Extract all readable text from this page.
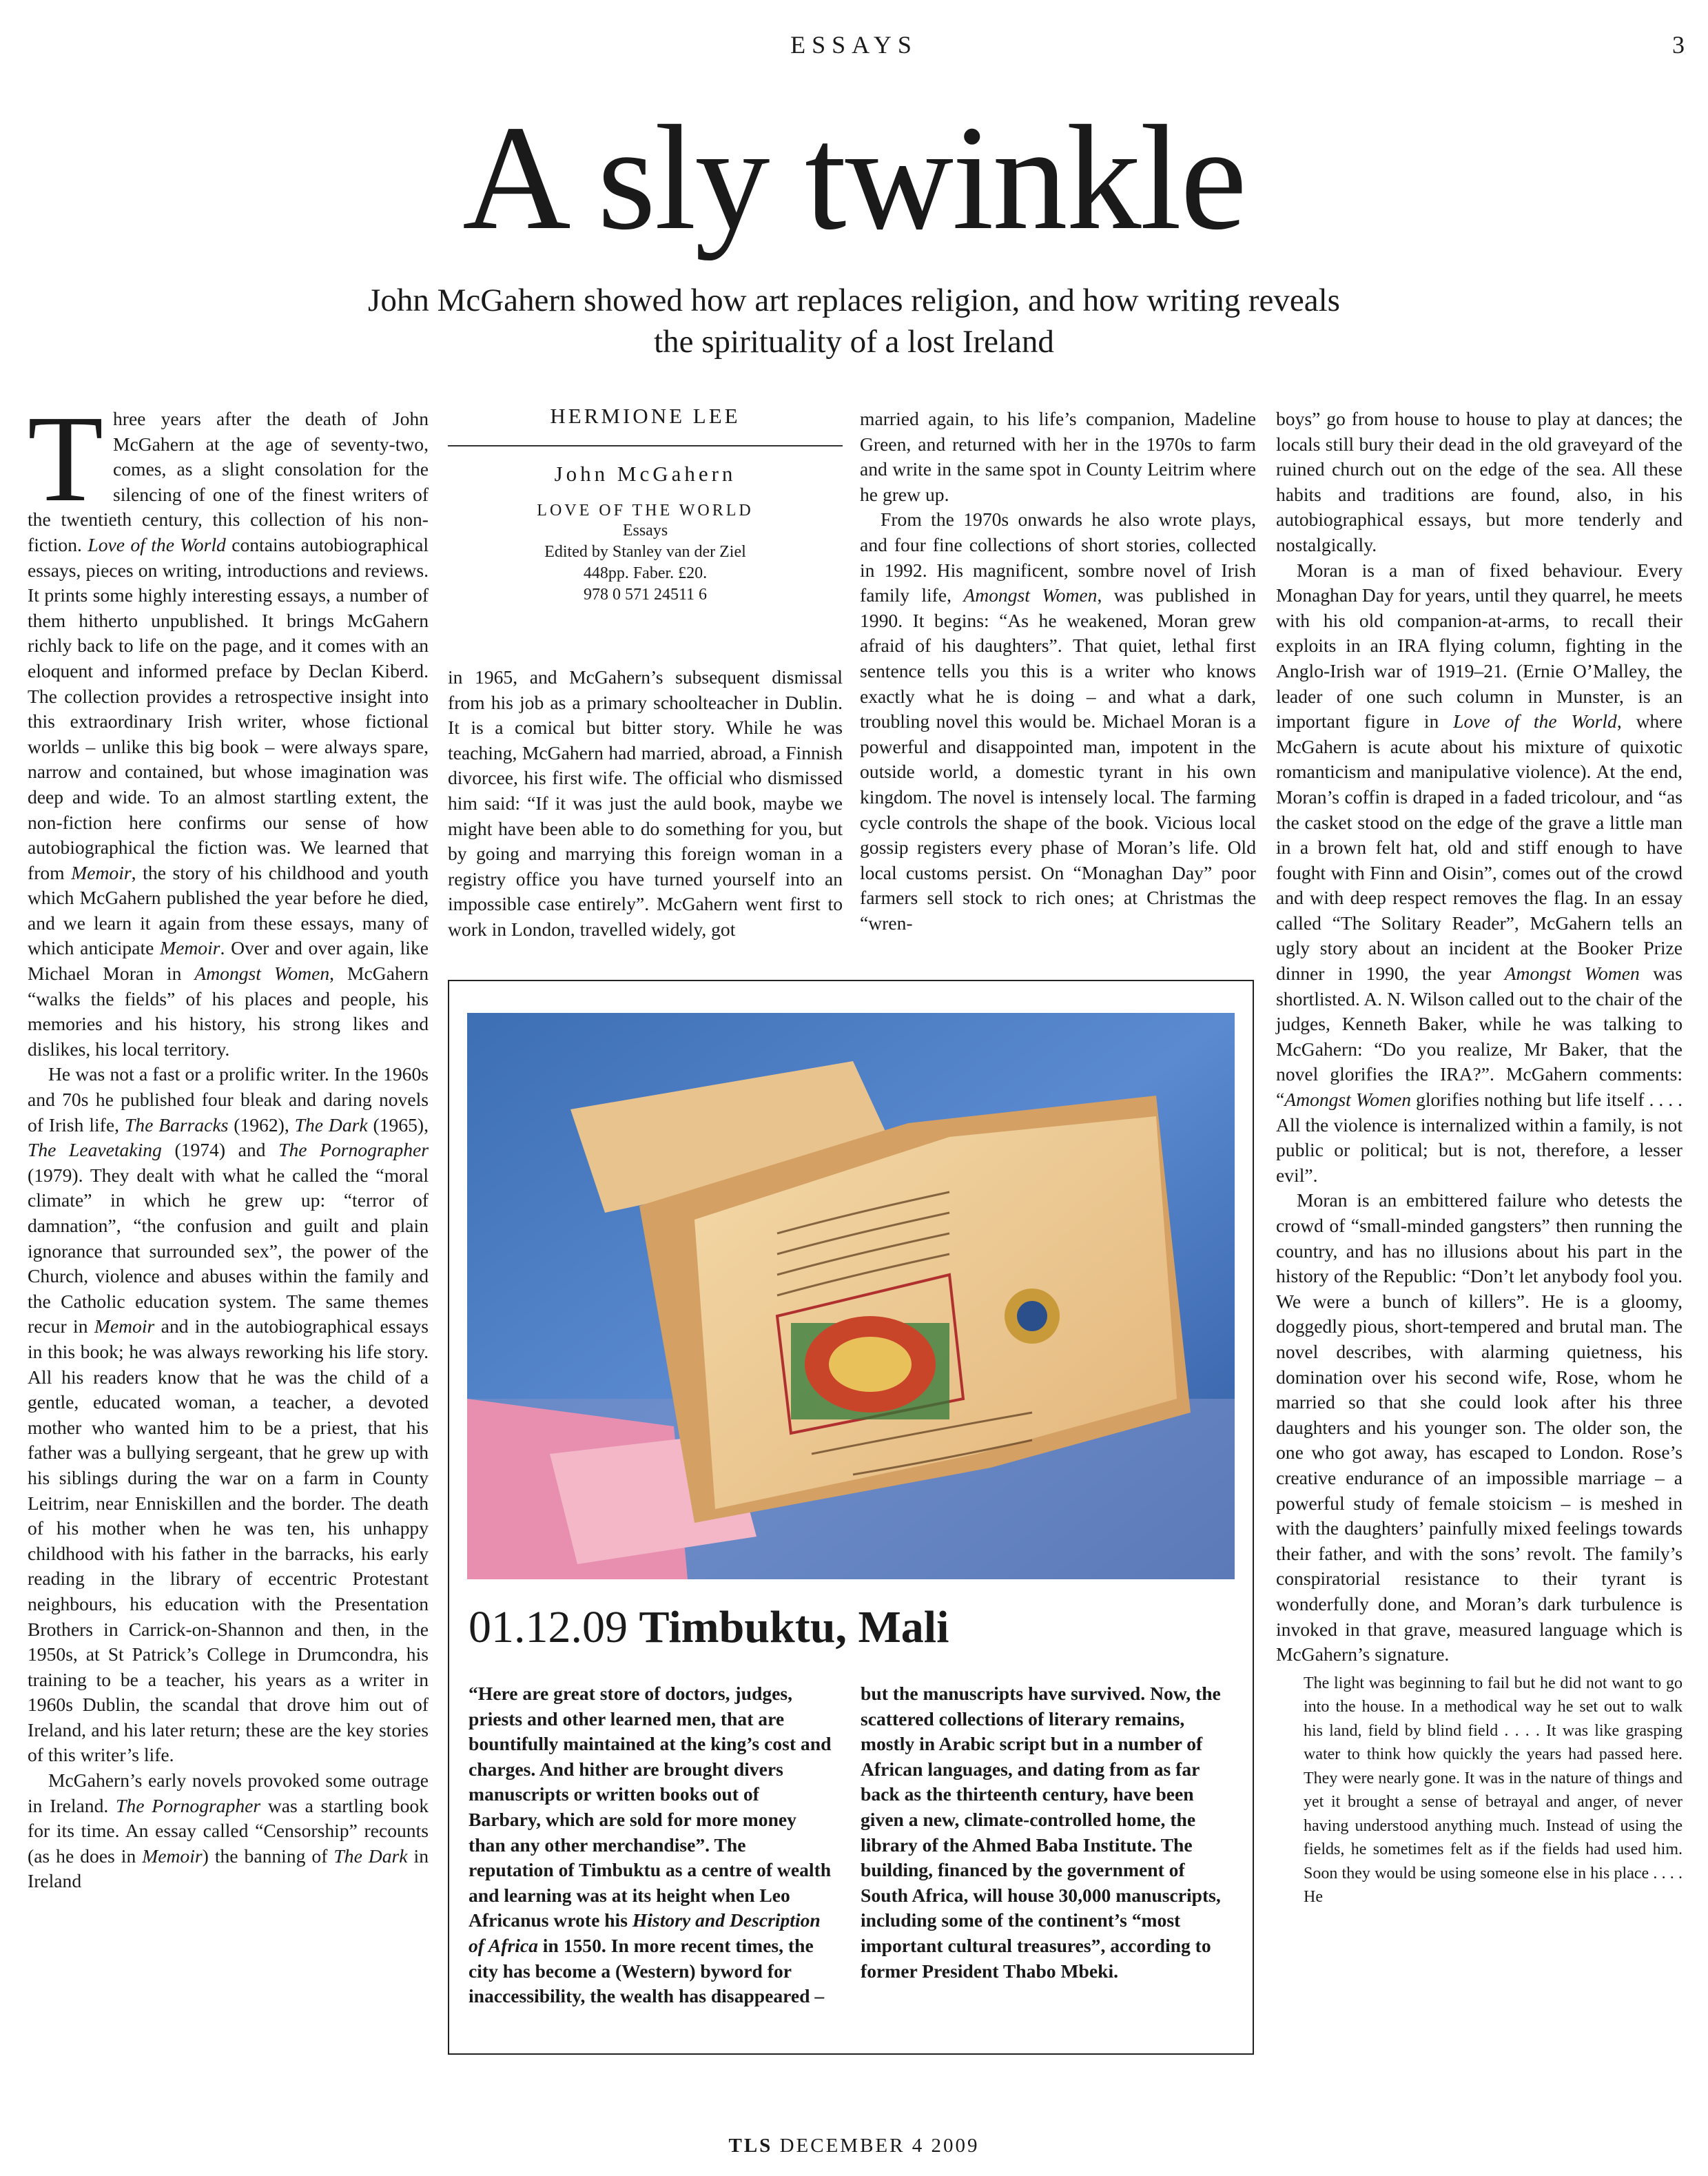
ESSAYS	3
A sly twinkle
John McGahern showed how art replaces religion, and how writing reveals
the spirituality of a lost Ireland

Three years after the death of John McGahern at the age of seventy-two, comes, as a slight consolation for the silencing of one of the finest writers of the twentieth century, this collection of his non-fiction. Love of the World contains autobiographical essays, pieces on writing, introductions and reviews. It prints some highly interesting essays, a number of them hitherto unpublished. It brings McGahern richly back to life on the page, and it comes with an eloquent and informed preface by Declan Kiberd. The collection provides a retrospective insight into this extraordinary Irish writer, whose fictional worlds – unlike this big book – were always spare, narrow and contained, but whose imagination was deep and wide. To an almost startling extent, the non-fiction here confirms our sense of how autobiographical the fiction was. We learned that from Memoir, the story of his childhood and youth which McGahern published the year before he died, and we learn it again from these essays, many of which anticipate Memoir. Over and over again, like Michael Moran in Amongst Women, McGahern “walks the fields” of his places and people, his memories and his history, his strong likes and dislikes, his local territory.

He was not a fast or a prolific writer. In the 1960s and 70s he published four bleak and daring novels of Irish life, The Barracks (1962), The Dark (1965), The Leavetaking (1974) and The Pornographer (1979). They dealt with what he called the “moral climate” in which he grew up: “terror of damnation”, “the confusion and guilt and plain ignorance that surrounded sex”, the power of the Church, violence and abuses within the family and the Catholic education system. The same themes recur in Memoir and in the autobiographical essays in this book; he was always reworking his life story. All his readers know that he was the child of a gentle, educated woman, a teacher, a devoted mother who wanted him to be a priest, that his father was a bullying sergeant, that he grew up with his siblings during the war on a farm in County Leitrim, near Enniskillen and the border. The death of his mother when he was ten, his unhappy childhood with his father in the barracks, his early reading in the library of eccentric Protestant neighbours, his education with the Presentation Brothers in Carrick-on-Shannon and then, in the 1950s, at St Patrick’s College in Drumcondra, his training to be a teacher, his years as a writer in 1960s Dublin, the scandal that drove him out of Ireland, and his later return; these are the key stories of this writer’s life.

McGahern’s early novels provoked some outrage in Ireland. The Pornographer was a startling book for its time. An essay called “Censorship” recounts (as he does in Memoir) the banning of The Dark in Ireland

HERMIONE LEE
John McGahern
LOVE OF THE WORLD
Essays
Edited by Stanley van der Ziel
448pp. Faber. £20.
978 0 571 24511 6

in 1965, and McGahern’s subsequent dismissal from his job as a primary schoolteacher in Dublin. It is a comical but bitter story. While he was teaching, McGahern had married, abroad, a Finnish divorcee, his first wife. The official who dismissed him said: “If it was just the auld book, maybe we might have been able to do something for you, but by going and marrying this foreign woman in a registry office you have turned yourself into an impossible case entirely”. McGahern went first to work in London, travelled widely, got

married again, to his life’s companion, Madeline Green, and returned with her in the 1970s to farm and write in the same spot in County Leitrim where he grew up.

From the 1970s onwards he also wrote plays, and four fine collections of short stories, collected in 1992. His magnificent, sombre novel of Irish family life, Amongst Women, was published in 1990. It begins: “As he weakened, Moran grew afraid of his daughters”. That quiet, lethal first sentence tells you this is a writer who knows exactly what he is doing – and what a dark, troubling novel this would be. Michael Moran is a powerful and disappointed man, impotent in the outside world, a domestic tyrant in his own kingdom. The novel is intensely local. The farming cycle controls the shape of the book. Vicious local gossip registers every phase of Moran’s life. Old local customs persist. On “Monaghan Day” poor farmers sell stock to rich ones; at Christmas the “wren-

boys” go from house to house to play at dances; the locals still bury their dead in the old graveyard of the ruined church out on the edge of the sea. All these habits and traditions are found, also, in his autobiographical essays, but more tenderly and nostalgically.

Moran is a man of fixed behaviour. Every Monaghan Day for years, until they quarrel, he meets with his old companion-at-arms, to recall their exploits in an IRA flying column, fighting in the Anglo-Irish war of 1919–21. (Ernie O’Malley, the leader of one such column in Munster, is an important figure in Love of the World, where McGahern is acute about his mixture of quixotic romanticism and manipulative violence). At the end, Moran’s coffin is draped in a faded tricolour, and “as the casket stood on the edge of the grave a little man in a brown felt hat, old and stiff enough to have fought with Finn and Oisin”, comes out of the crowd and with deep respect removes the flag. In an essay called “The Solitary Reader”, McGahern tells an ugly story about an incident at the Booker Prize dinner in 1990, the year Amongst Women was shortlisted. A. N. Wilson called out to the chair of the judges, Kenneth Baker, while he was talking to McGahern: “Do you realize, Mr Baker, that the novel glorifies the IRA?”. McGahern comments: “Amongst Women glorifies nothing but life itself . . . . All the violence is internalized within a family, is not public or political; but is not, therefore, a lesser evil”.

Moran is an embittered failure who detests the crowd of “small-minded gangsters” then running the country, and has no illusions about his part in the history of the Republic: “Don’t let anybody fool you. We were a bunch of killers”. He is a gloomy, doggedly pious, short-tempered and brutal man. The novel describes, with alarming quietness, his domination over his second wife, Rose, whom he married so that she could look after his three daughters and his younger son. The older son, the one who got away, has escaped to London. Rose’s creative endurance of an impossible marriage – a powerful study of female stoicism – is meshed in with the daughters’ painfully mixed feelings towards their father, and with the sons’ revolt. The family’s conspiratorial resistance to their tyrant is wonderfully done, and Moran’s dark turbulence is invoked in that grave, measured language which is McGahern’s signature.

The light was beginning to fail but he did not want to go into the house. In a methodical way he set out to walk his land, field by blind field . . . . It was like grasping water to think how quickly the years had passed here. They were nearly gone. It was in the nature of things and yet it brought a sense of betrayal and anger, of never having understood anything much. Instead of using the fields, he sometimes felt as if the fields had used him. Soon they would be using someone else in his place . . . . He
01.12.09 Timbuktu, Mali
“Here are great store of doctors, judges, priests and other learned men, that are bountifully maintained at the king’s cost and charges. And hither are brought divers manuscripts or written books out of Barbary, which are sold for more money than any other merchandise”. The reputation of Timbuktu as a centre of wealth and learning was at its height when Leo Africanus wrote his History and Description of Africa in 1550. In more recent times, the city has become a (Western) byword for inaccessibility, the wealth has disappeared –
but the manuscripts have survived. Now, the scattered collections of literary remains, mostly in Arabic script but in a number of African languages, and dating from as far back as the thirteenth century, have been given a new, climate-controlled home, the library of the Ahmed Baba Institute. The building, financed by the government of South Africa, will house 30,000 manuscripts, including some of the continent’s “most important cultural treasures”, according to former President Thabo Mbeki.
TLS DECEMBER 4 2009
